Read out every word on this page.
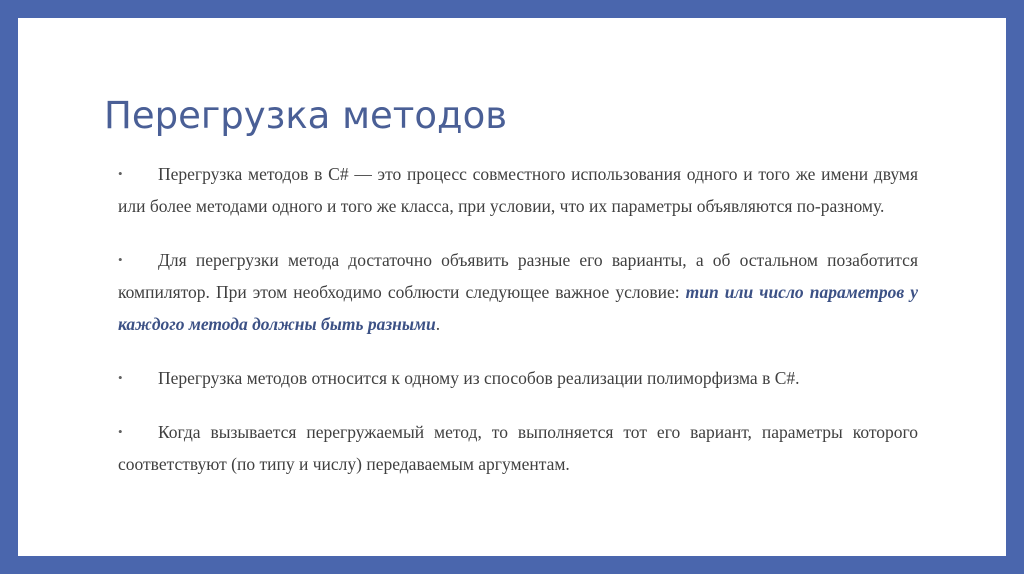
Перегрузка методов
•	Перегрузка методов в C# — это процесс совместного использования одного и того же имени двумя или более методами одного и того же класса, при условии, что их параметры объявляются по-разному.
•	Для перегрузки метода достаточно объявить разные его варианты, а об остальном позаботится компилятор. При этом необходимо соблюсти следующее важное условие: тип или число параметров у каждого метода должны быть разными.
•	Перегрузка методов относится к одному из способов реализации полиморфизма в C#.
•	Когда вызывается перегружаемый метод, то выполняется тот его вариант, параметры которого соответствуют (по типу и числу) передаваемым аргументам.
